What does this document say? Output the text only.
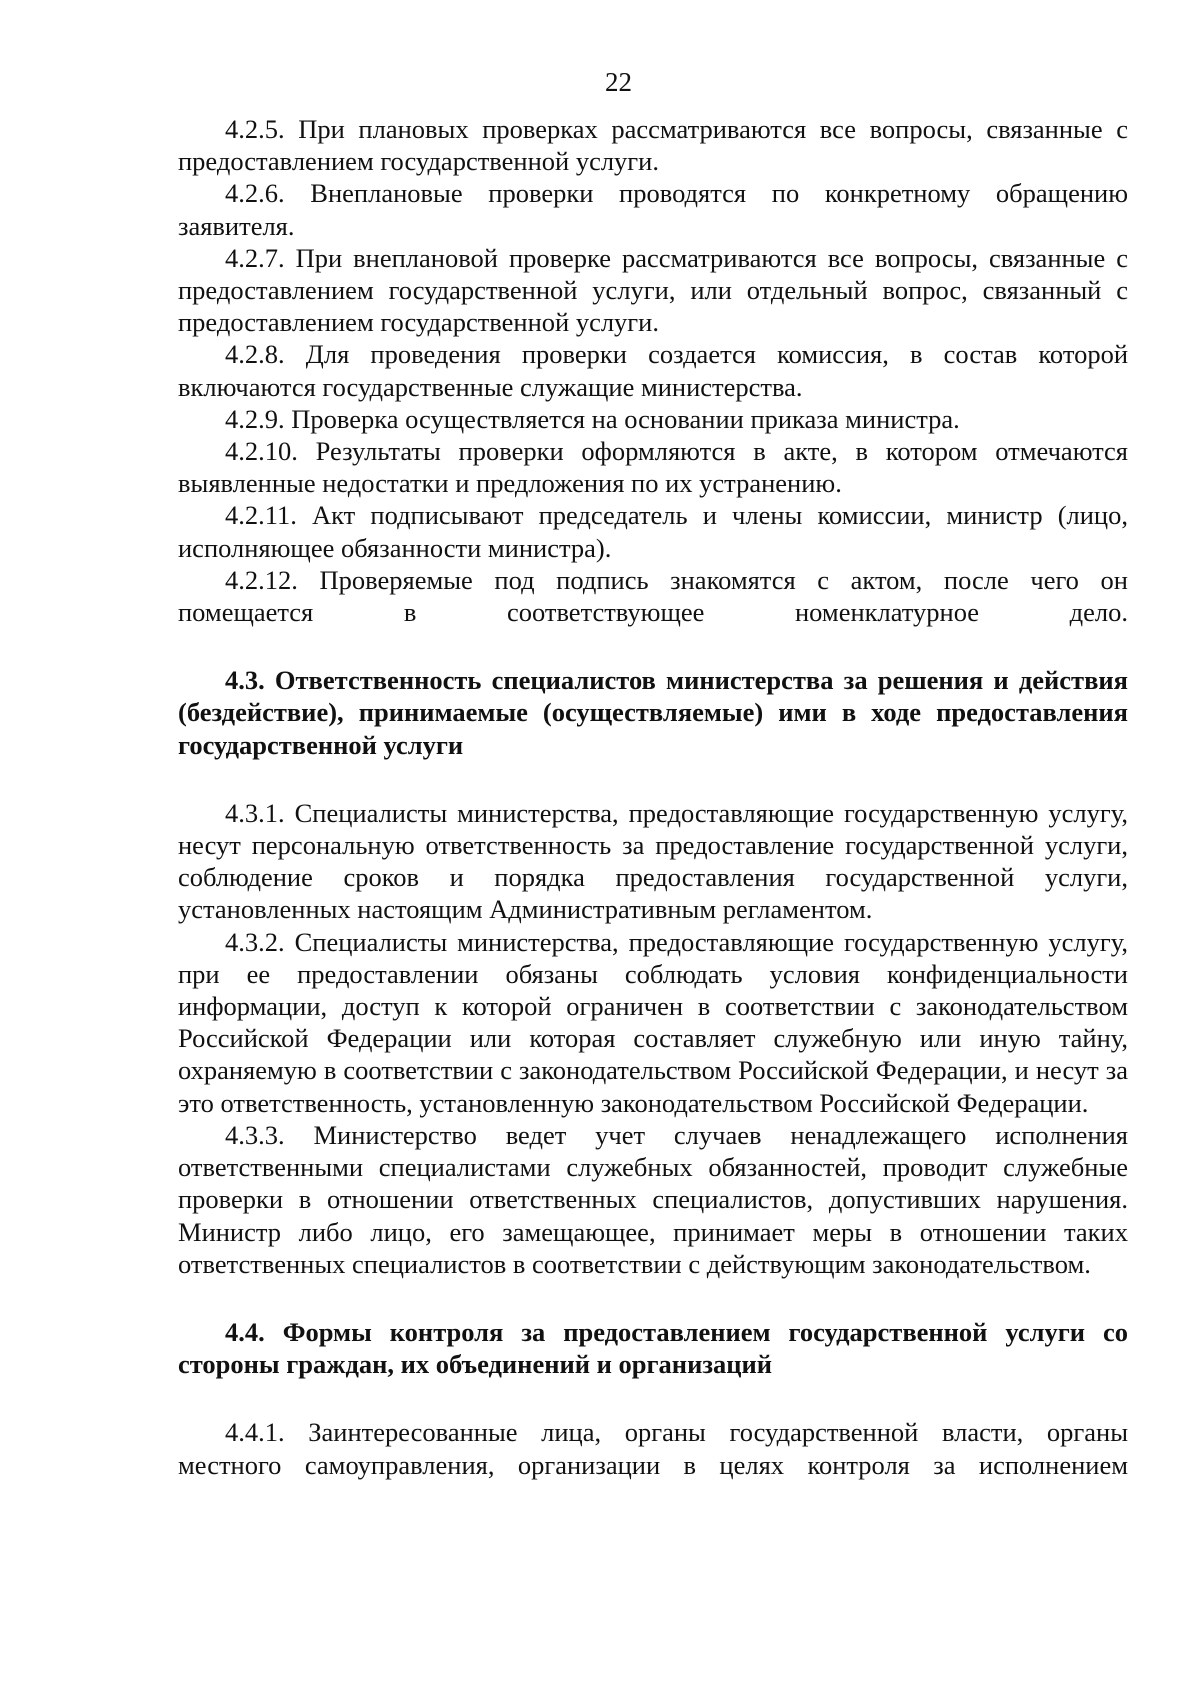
22

4.2.5. При плановых проверках рассматриваются все вопросы, связанные с предоставлением государственной услуги.

4.2.6. Внеплановые проверки проводятся по конкретному обращению заявителя.

4.2.7. При внеплановой проверке рассматриваются все вопросы, связанные с предоставлением государственной услуги, или отдельный вопрос, связанный с предоставлением государственной услуги.

4.2.8. Для проведения проверки создается комиссия, в состав которой включаются государственные служащие министерства.

4.2.9. Проверка осуществляется на основании приказа министра.

4.2.10. Результаты проверки оформляются в акте, в котором отмечаются выявленные недостатки и предложения по их устранению.

4.2.11. Акт подписывают председатель и члены комиссии, министр (лицо, исполняющее обязанности министра).

4.2.12. Проверяемые под подпись знакомятся с актом, после чего он помещается в соответствующее номенклатурное дело.

4.3. Ответственность специалистов министерства за решения и действия (бездействие), принимаемые (осуществляемые) ими в ходе предоставления государственной услуги

4.3.1. Специалисты министерства, предоставляющие государственную услугу, несут персональную ответственность за предоставление государственной услуги, соблюдение сроков и порядка предоставления государственной услуги, установленных настоящим Административным регламентом.

4.3.2. Специалисты министерства, предоставляющие государственную услугу, при ее предоставлении обязаны соблюдать условия конфиденциальности информации, доступ к которой ограничен в соответствии с законодательством Российской Федерации или которая составляет служебную или иную тайну, охраняемую в соответствии с законодательством Российской Федерации, и несут за это ответственность, установленную законодательством Российской Федерации.

4.3.3. Министерство ведет учет случаев ненадлежащего исполнения ответственными специалистами служебных обязанностей, проводит служебные проверки в отношении ответственных специалистов, допустивших нарушения. Министр либо лицо, его замещающее, принимает меры в отношении таких ответственных специалистов в соответствии с действующим законодательством.

4.4. Формы контроля за предоставлением государственной услуги со стороны граждан, их объединений и организаций

4.4.1. Заинтересованные лица, органы государственной власти, органы местного самоуправления, организации в целях контроля за исполнением
